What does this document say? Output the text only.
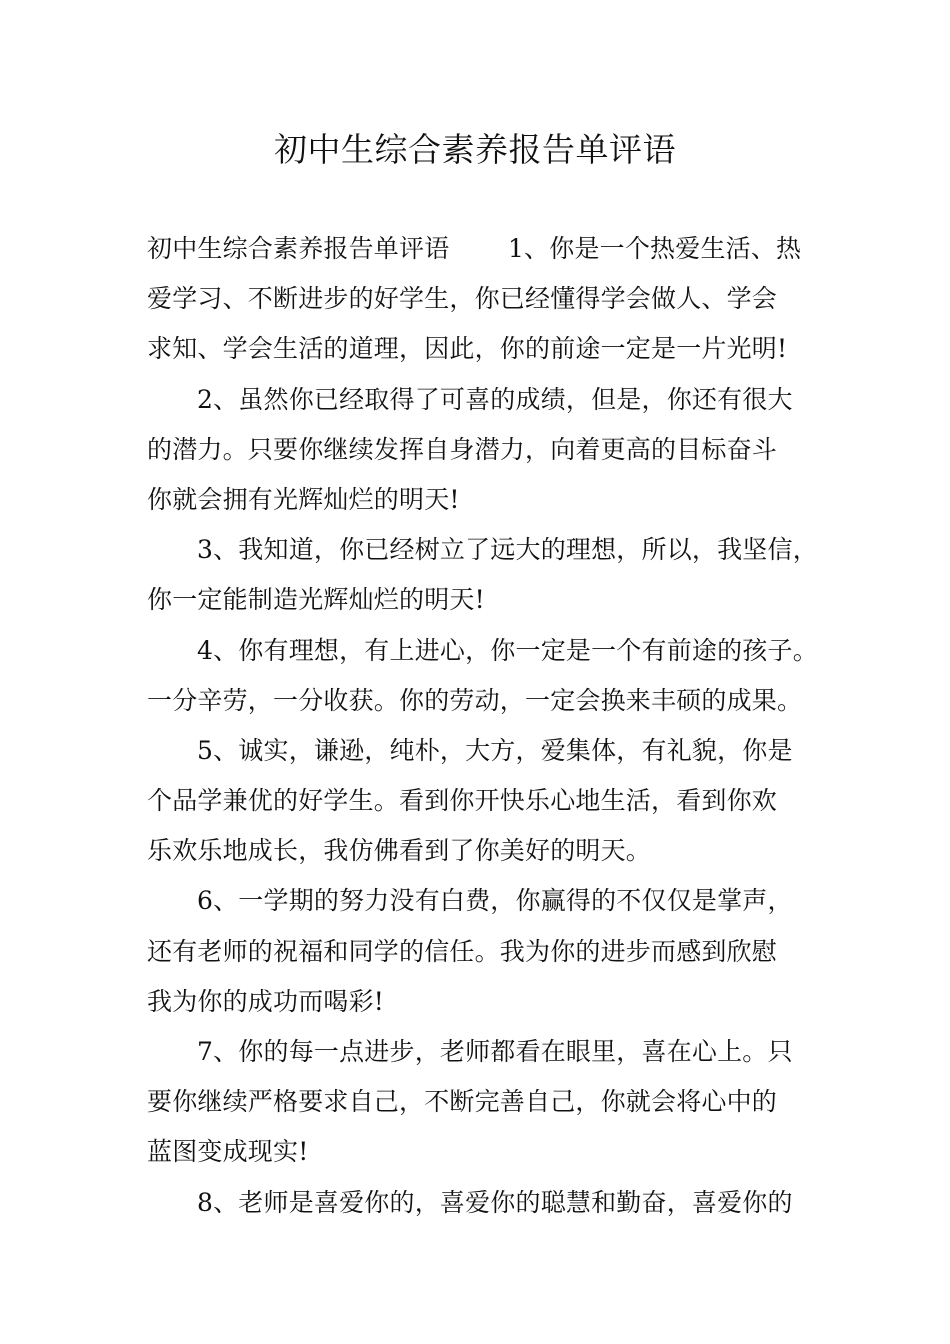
初中生综合素养报告单评语
初中生综合素养报告单评语　　 1、你是一个热爱生活、热
爱学习、不断进步的好学生，你已经懂得学会做人、学会
求知、学会生活的道理，因此，你的前途一定是一片光明!
2、虽然你已经取得了可喜的成绩，但是，你还有很大
的潜力。只要你继续发挥自身潜力，向着更高的目标奋斗
你就会拥有光辉灿烂的明天!
3、我知道，你已经树立了远大的理想，所以，我坚信，
你一定能制造光辉灿烂的明天!
4、你有理想，有上进心，你一定是一个有前途的孩子。
一分辛劳，一分收获。你的劳动，一定会换来丰硕的成果。
5、诚实，谦逊，纯朴，大方，爱集体，有礼貌，你是
个品学兼优的好学生。看到你开快乐心地生活，看到你欢
乐欢乐地成长，我仿佛看到了你美好的明天。
6、一学期的努力没有白费，你赢得的不仅仅是掌声，
还有老师的祝福和同学的信任。我为你的进步而感到欣慰
我为你的成功而喝彩!
7、你的每一点进步，老师都看在眼里，喜在心上。只
要你继续严格要求自己，不断完善自己，你就会将心中的
蓝图变成现实!
8、老师是喜爱你的，喜爱你的聪慧和勤奋，喜爱你的
